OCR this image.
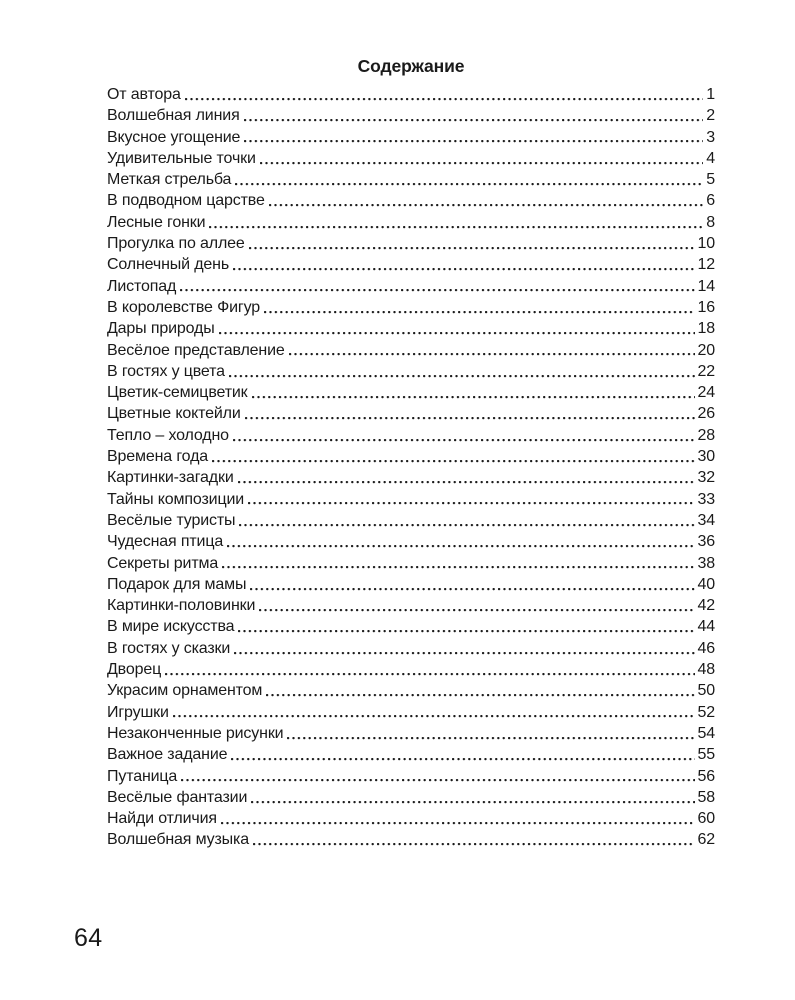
Содержание
От автора	1
Волшебная линия	2
Вкусное угощение	3
Удивительные точки	4
Меткая стрельба	5
В подводном царстве	6
Лесные гонки	8
Прогулка по аллее	10
Солнечный день	12
Листопад	14
В королевстве Фигур	16
Дары природы	18
Весёлое представление	20
В гостях у цвета	22
Цветик-семицветик	24
Цветные коктейли	26
Тепло – холодно	28
Времена года	30
Картинки-загадки	32
Тайны композиции	33
Весёлые туристы	34
Чудесная птица	36
Секреты ритма	38
Подарок для мамы	40
Картинки-половинки	42
В мире искусства	44
В гостях у сказки	46
Дворец	48
Украсим орнаментом	50
Игрушки	52
Незаконченные рисунки	54
Важное задание	55
Путаница	56
Весёлые фантазии	58
Найди отличия	60
Волшебная музыка	62
64
